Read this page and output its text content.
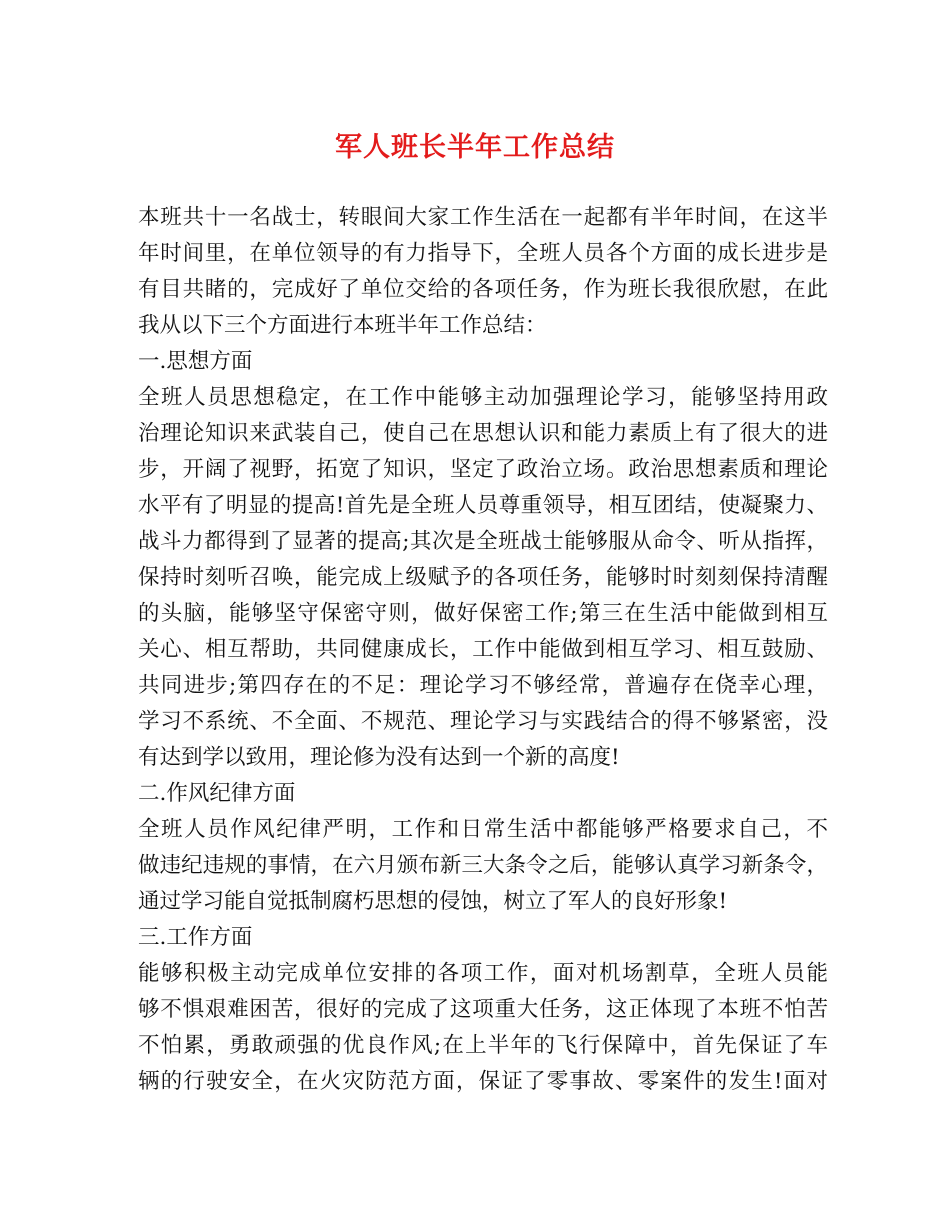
军人班长半年工作总结
本班共十一名战士，转眼间大家工作生活在一起都有半年时间，在这半
年时间里，在单位领导的有力指导下，全班人员各个方面的成长进步是
有目共睹的，完成好了单位交给的各项任务，作为班长我很欣慰，在此
我从以下三个方面进行本班半年工作总结：
一.思想方面
全班人员思想稳定，在工作中能够主动加强理论学习，能够坚持用政
治理论知识来武装自己，使自己在思想认识和能力素质上有了很大的进
步，开阔了视野，拓宽了知识，坚定了政治立场。政治思想素质和理论
水平有了明显的提高!首先是全班人员尊重领导，相互团结，使凝聚力、
战斗力都得到了显著的提高;其次是全班战士能够服从命令、听从指挥，
保持时刻听召唤，能完成上级赋予的各项任务，能够时时刻刻保持清醒
的头脑，能够坚守保密守则，做好保密工作;第三在生活中能做到相互
关心、相互帮助，共同健康成长，工作中能做到相互学习、相互鼓励、
共同进步;第四存在的不足：理论学习不够经常，普遍存在侥幸心理，
学习不系统、不全面、不规范、理论学习与实践结合的得不够紧密，没
有达到学以致用，理论修为没有达到一个新的高度!
二.作风纪律方面
全班人员作风纪律严明，工作和日常生活中都能够严格要求自己，不
做违纪违规的事情，在六月颁布新三大条令之后，能够认真学习新条令，
通过学习能自觉抵制腐朽思想的侵蚀，树立了军人的良好形象!
三.工作方面
能够积极主动完成单位安排的各项工作，面对机场割草，全班人员能
够不惧艰难困苦，很好的完成了这项重大任务，这正体现了本班不怕苦
不怕累，勇敢顽强的优良作风;在上半年的飞行保障中，首先保证了车
辆的行驶安全，在火灾防范方面，保证了零事故、零案件的发生!面对
